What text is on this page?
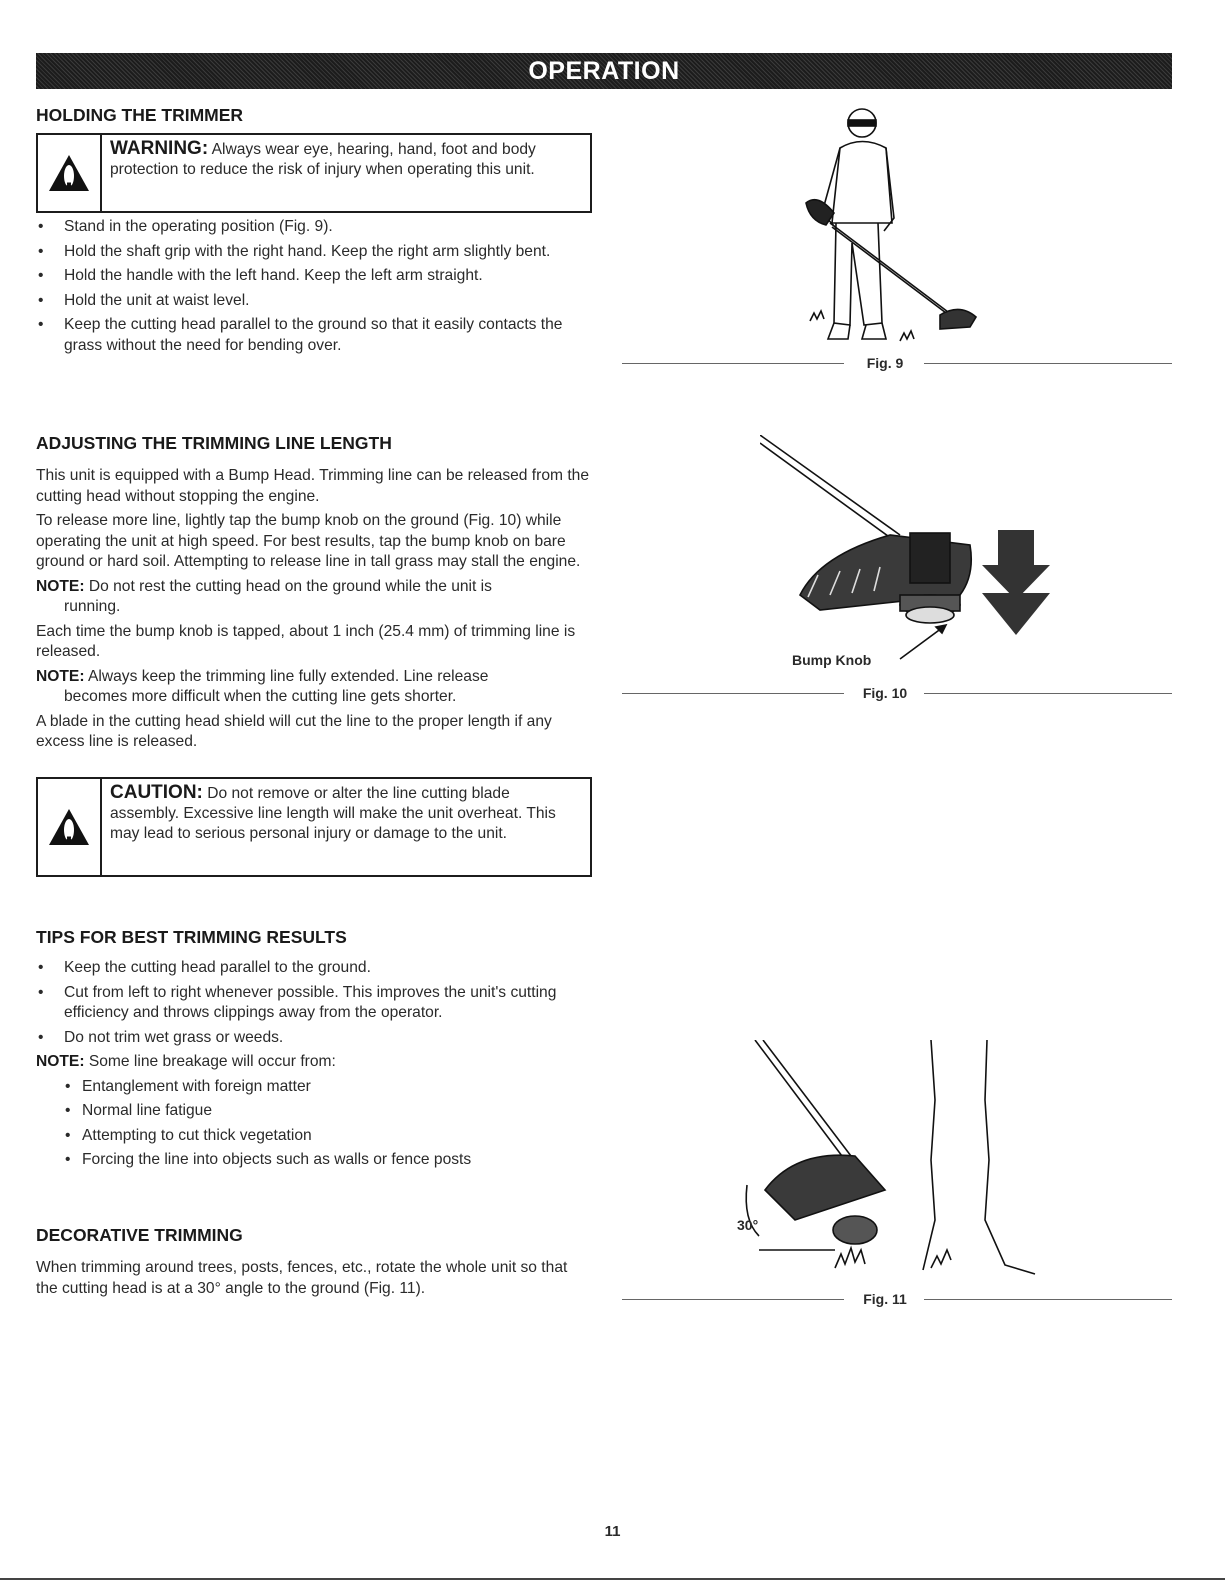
OPERATION
HOLDING THE TRIMMER
WARNING: Always wear eye, hearing, hand, foot and body protection to reduce the risk of injury when operating this unit.
• Stand in the operating position (Fig. 9).
• Hold the shaft grip with the right hand. Keep the right arm slightly bent.
• Hold the handle with the left hand. Keep the left arm straight.
• Hold the unit at waist level.
• Keep the cutting head parallel to the ground so that it easily contacts the grass without the need for bending over.
Fig. 9
ADJUSTING THE TRIMMING LINE LENGTH

This unit is equipped with a Bump Head. Trimming line can be released from the cutting head without stopping the engine.

To release more line, lightly tap the bump knob on the ground (Fig. 10) while operating the unit at high speed. For best results, tap the bump knob on bare ground or hard soil. Attempting to release line in tall grass may stall the engine.

NOTE: Do not rest the cutting head on the ground while the unit is
running.

Each time the bump knob is tapped, about 1 inch (25.4 mm) of trimming line is released.

NOTE: Always keep the trimming line fully extended. Line release
becomes more difficult when the cutting line gets shorter.

A blade in the cutting head shield will cut the line to the proper length if any excess line is released.

CAUTION: Do not remove or alter the line cutting blade assembly. Excessive line length will make the unit overheat. This may lead to serious personal injury or damage to the unit.
Bump Knob
Fig. 10
TIPS FOR BEST TRIMMING RESULTS
• Keep the cutting head parallel to the ground.
• Cut from left to right whenever possible. This improves the unit's cutting efficiency and throws clippings away from the operator.
• Do not trim wet grass or weeds.

NOTE: Some line breakage will occur from:

• Entanglement with foreign matter
• Normal line fatigue
• Attempting to cut thick vegetation
• Forcing the line into objects such as walls or fence posts
DECORATIVE TRIMMING

When trimming around trees, posts, fences, etc., rotate the whole unit so that the cutting head is at a 30° angle to the ground (Fig. 11).

30°
Fig. 11
11
